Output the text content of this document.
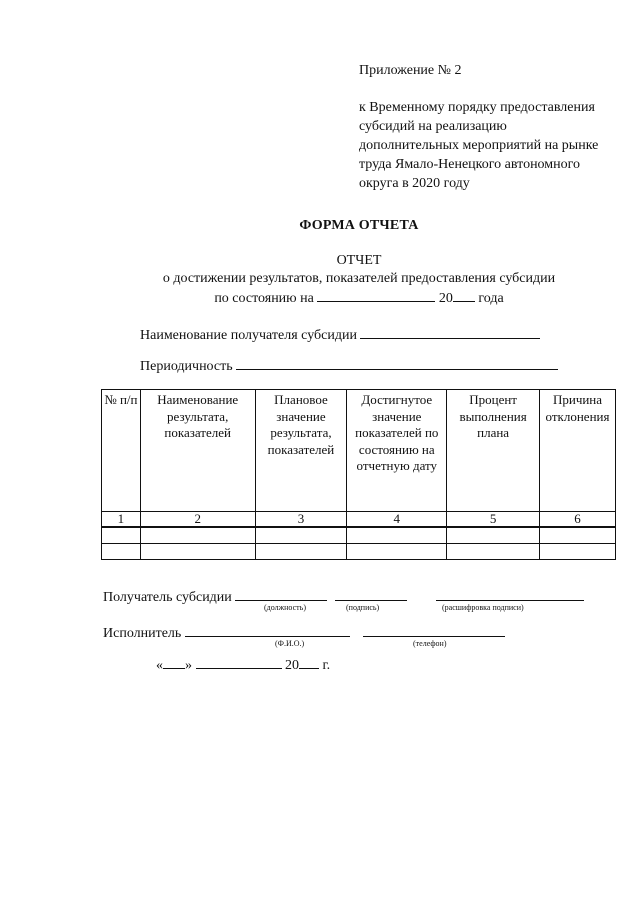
Приложение № 2
к Временному порядку предоставления
субсидий на реализацию
дополнительных мероприятий на рынке
труда Ямало-Ненецкого автономного
округа в 2020 году
ФОРМА ОТЧЕТА
ОТЧЕТ
о достижении результатов, показателей предоставления субсидии
по состоянию на	20 года
Наименование получателя субсидии
Периодичность
№ п/п	Наименование результата, показателей	Плановое значение результата, показателей	Достигнутое значение показателей по состоянию на отчетную дату	Процент выполнения плана	Причина отклонения
1	2	3	4	5	6

Получатель субсидии
(должность)	(подпись)	(расшифровка подписи)
Исполнитель
(Ф.И.О.)	(телефон)
« »	20 г.
